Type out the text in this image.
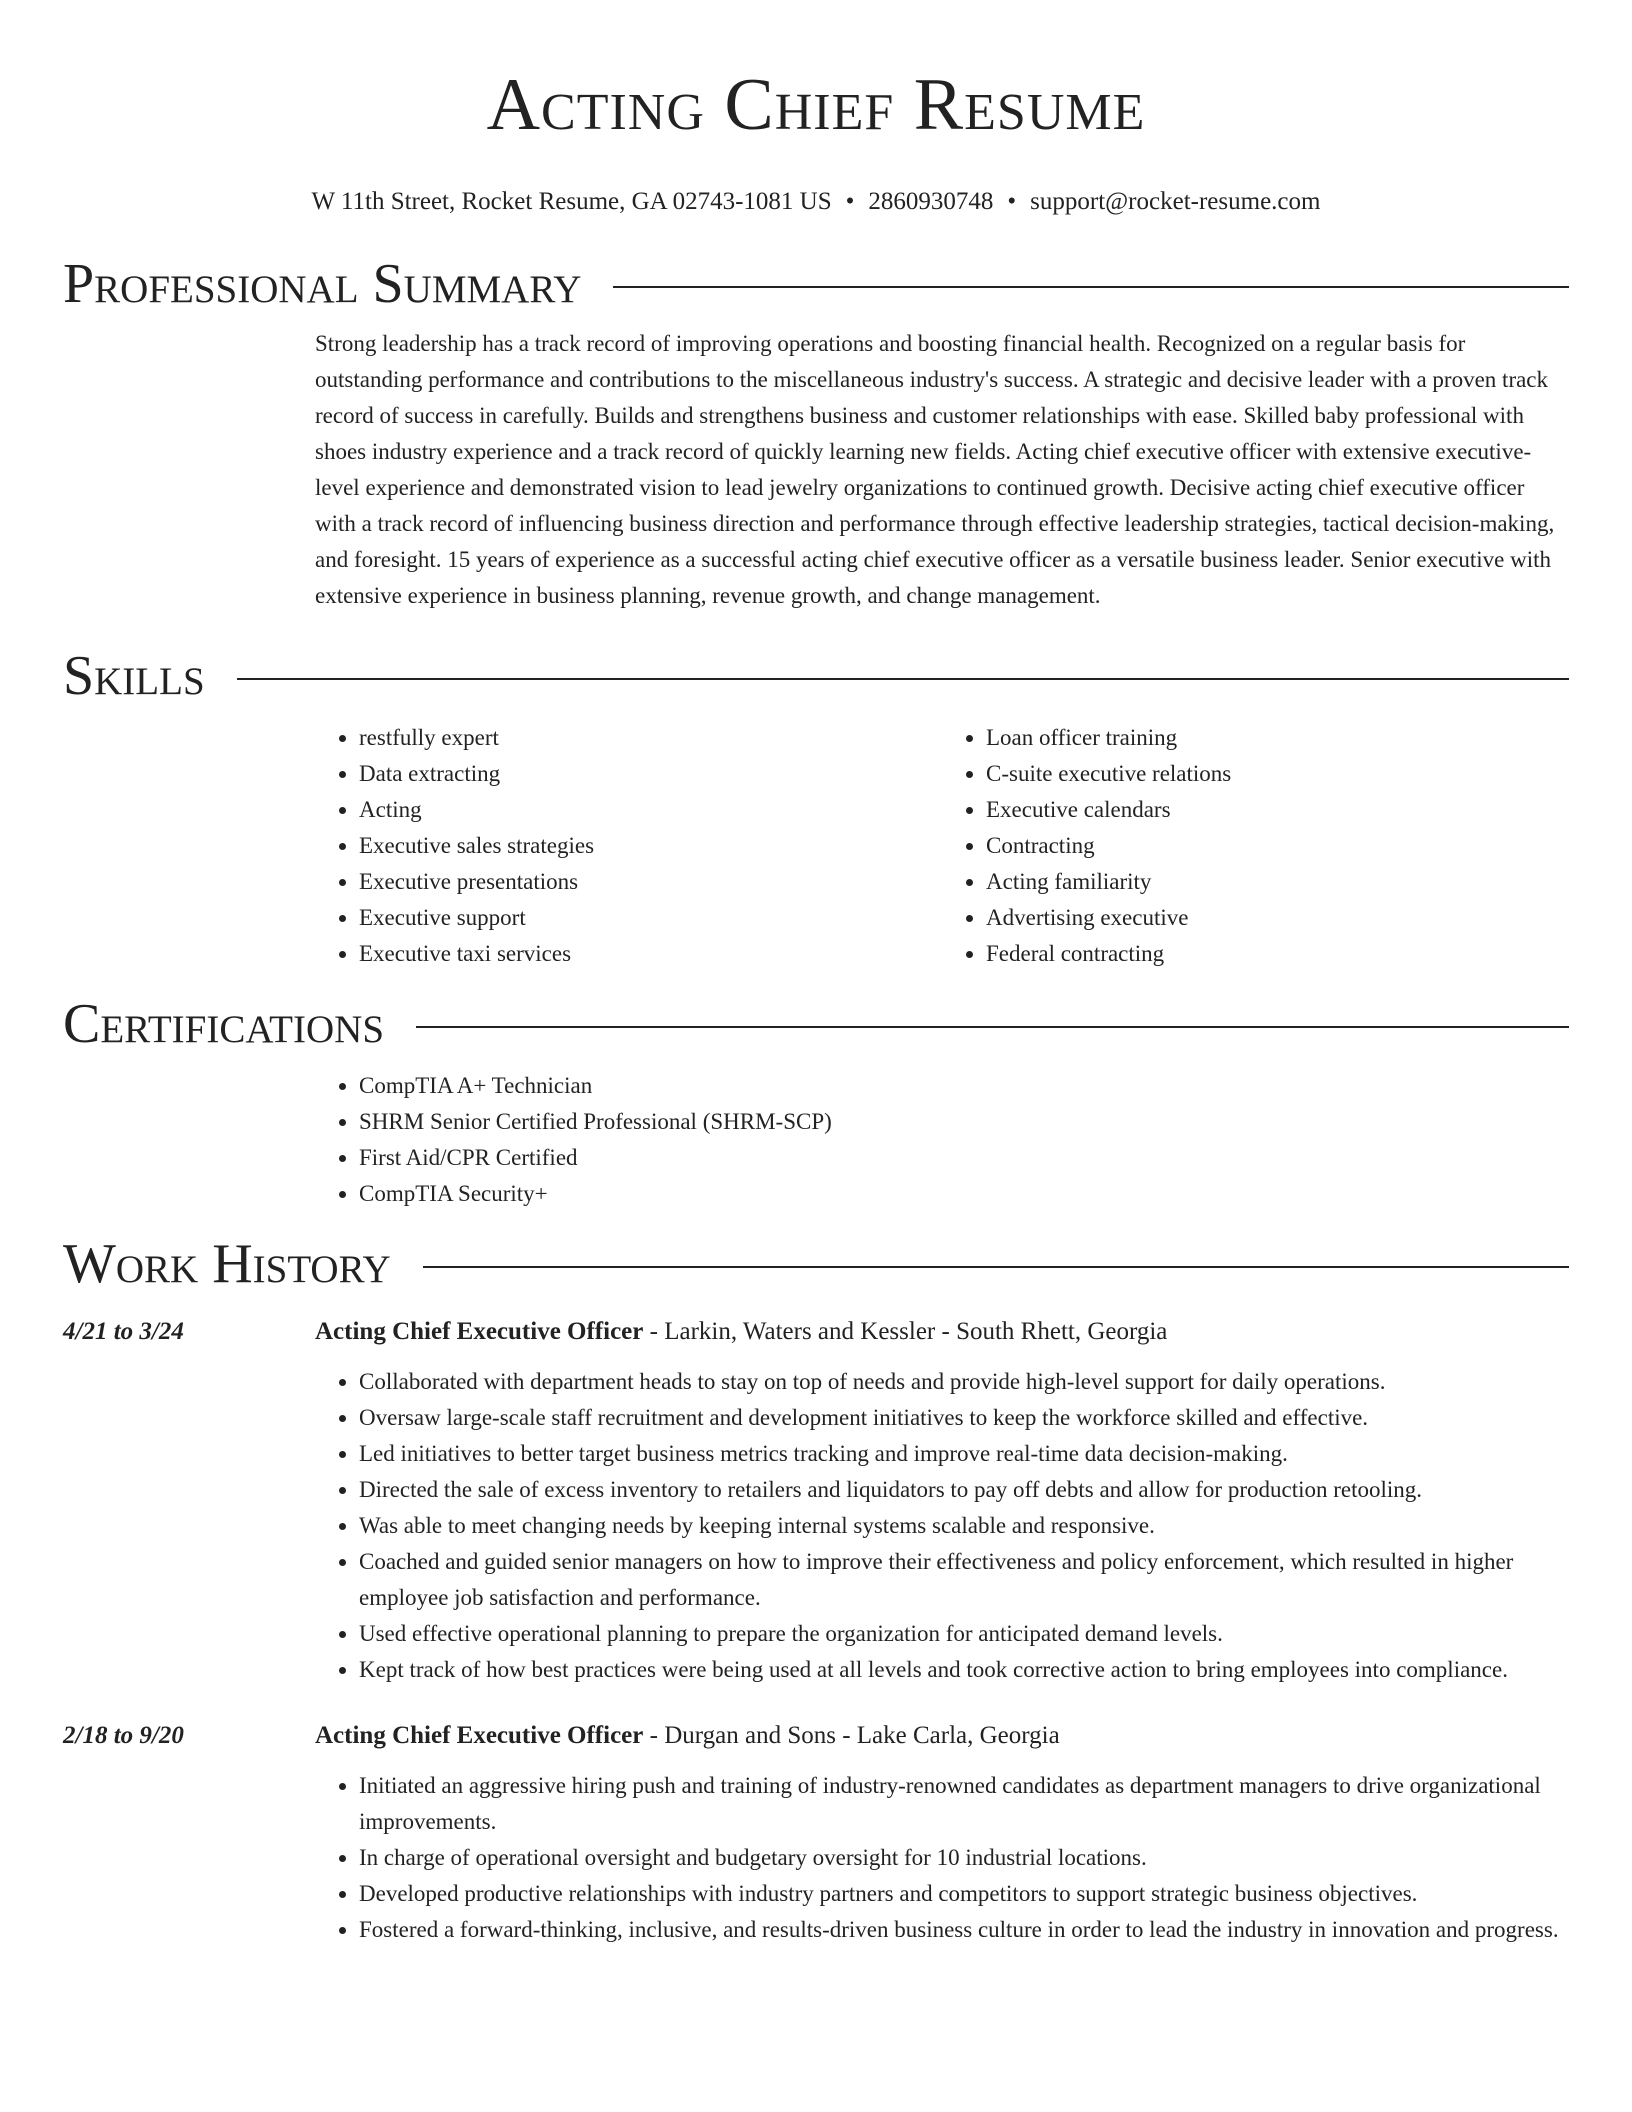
Acting Chief Resume
W 11th Street, Rocket Resume, GA 02743-1081 US • 2860930748 • support@rocket-resume.com
Professional Summary

Strong leadership has a track record of improving operations and boosting financial health. Recognized on a regular basis for outstanding performance and contributions to the miscellaneous industry's success. A strategic and decisive leader with a proven track record of success in carefully. Builds and strengthens business and customer relationships with ease. Skilled baby professional with shoes industry experience and a track record of quickly learning new fields. Acting chief executive officer with extensive executive-level experience and demonstrated vision to lead jewelry organizations to continued growth. Decisive acting chief executive officer with a track record of influencing business direction and performance through effective leadership strategies, tactical decision-making, and foresight. 15 years of experience as a successful acting chief executive officer as a versatile business leader. Senior executive with extensive experience in business planning, revenue growth, and change management.

Skills
• restfully expert
• Data extracting
• Acting
• Executive sales strategies
• Executive presentations
• Executive support
• Executive taxi services
• Loan officer training
• C-suite executive relations
• Executive calendars
• Contracting
• Acting familiarity
• Advertising executive
• Federal contracting
Certifications
• CompTIA A+ Technician
• SHRM Senior Certified Professional (SHRM-SCP)
• First Aid/CPR Certified
• CompTIA Security+
Work History
4/21 to 3/24	Acting Chief Executive Officer - Larkin, Waters and Kessler - South Rhett, Georgia
• Collaborated with department heads to stay on top of needs and provide high-level support for daily operations.
• Oversaw large-scale staff recruitment and development initiatives to keep the workforce skilled and effective.
• Led initiatives to better target business metrics tracking and improve real-time data decision-making.
• Directed the sale of excess inventory to retailers and liquidators to pay off debts and allow for production retooling.
• Was able to meet changing needs by keeping internal systems scalable and responsive.
• Coached and guided senior managers on how to improve their effectiveness and policy enforcement, which resulted in higher employee job satisfaction and performance.
• Used effective operational planning to prepare the organization for anticipated demand levels.
• Kept track of how best practices were being used at all levels and took corrective action to bring employees into compliance.
2/18 to 9/20	Acting Chief Executive Officer - Durgan and Sons - Lake Carla, Georgia
• Initiated an aggressive hiring push and training of industry-renowned candidates as department managers to drive organizational improvements.
• In charge of operational oversight and budgetary oversight for 10 industrial locations.
• Developed productive relationships with industry partners and competitors to support strategic business objectives.
• Fostered a forward-thinking, inclusive, and results-driven business culture in order to lead the industry in innovation and progress.
